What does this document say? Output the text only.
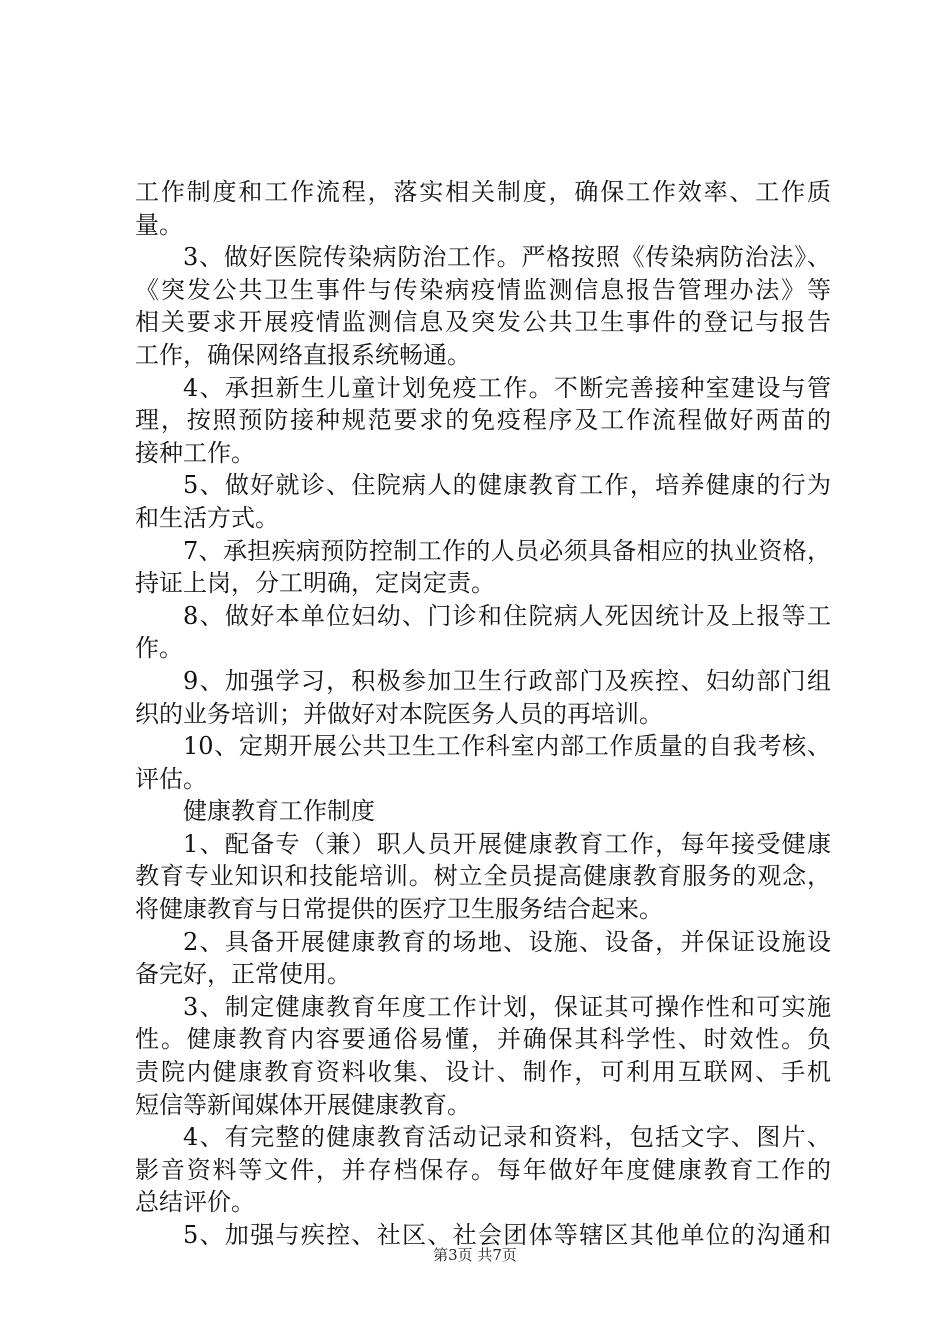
工作制度和工作流程，落实相关制度，确保工作效率、工作质
量。
3、做好医院传染病防治工作。严格按照《传染病防治法》、
《突发公共卫生事件与传染病疫情监测信息报告管理办法》等
相关要求开展疫情监测信息及突发公共卫生事件的登记与报告
工作，确保网络直报系统畅通。
4、承担新生儿童计划免疫工作。不断完善接种室建设与管
理，按照预防接种规范要求的免疫程序及工作流程做好两苗的
接种工作。
5、做好就诊、住院病人的健康教育工作，培养健康的行为
和生活方式。
7、承担疾病预防控制工作的人员必须具备相应的执业资格，
持证上岗，分工明确，定岗定责。
8、做好本单位妇幼、门诊和住院病人死因统计及上报等工
作。
9、加强学习，积极参加卫生行政部门及疾控、妇幼部门组
织的业务培训；并做好对本院医务人员的再培训。
10、定期开展公共卫生工作科室内部工作质量的自我考核、
评估。
健康教育工作制度
1、配备专（兼）职人员开展健康教育工作，每年接受健康
教育专业知识和技能培训。树立全员提高健康教育服务的观念，
将健康教育与日常提供的医疗卫生服务结合起来。
2、具备开展健康教育的场地、设施、设备，并保证设施设
备完好，正常使用。
3、制定健康教育年度工作计划，保证其可操作性和可实施
性。健康教育内容要通俗易懂，并确保其科学性、时效性。负
责院内健康教育资料收集、设计、制作，可利用互联网、手机
短信等新闻媒体开展健康教育。
4、有完整的健康教育活动记录和资料，包括文字、图片、
影音资料等文件，并存档保存。每年做好年度健康教育工作的
总结评价。
5、加强与疾控、社区、社会团体等辖区其他单位的沟通和
第3页 共7页
